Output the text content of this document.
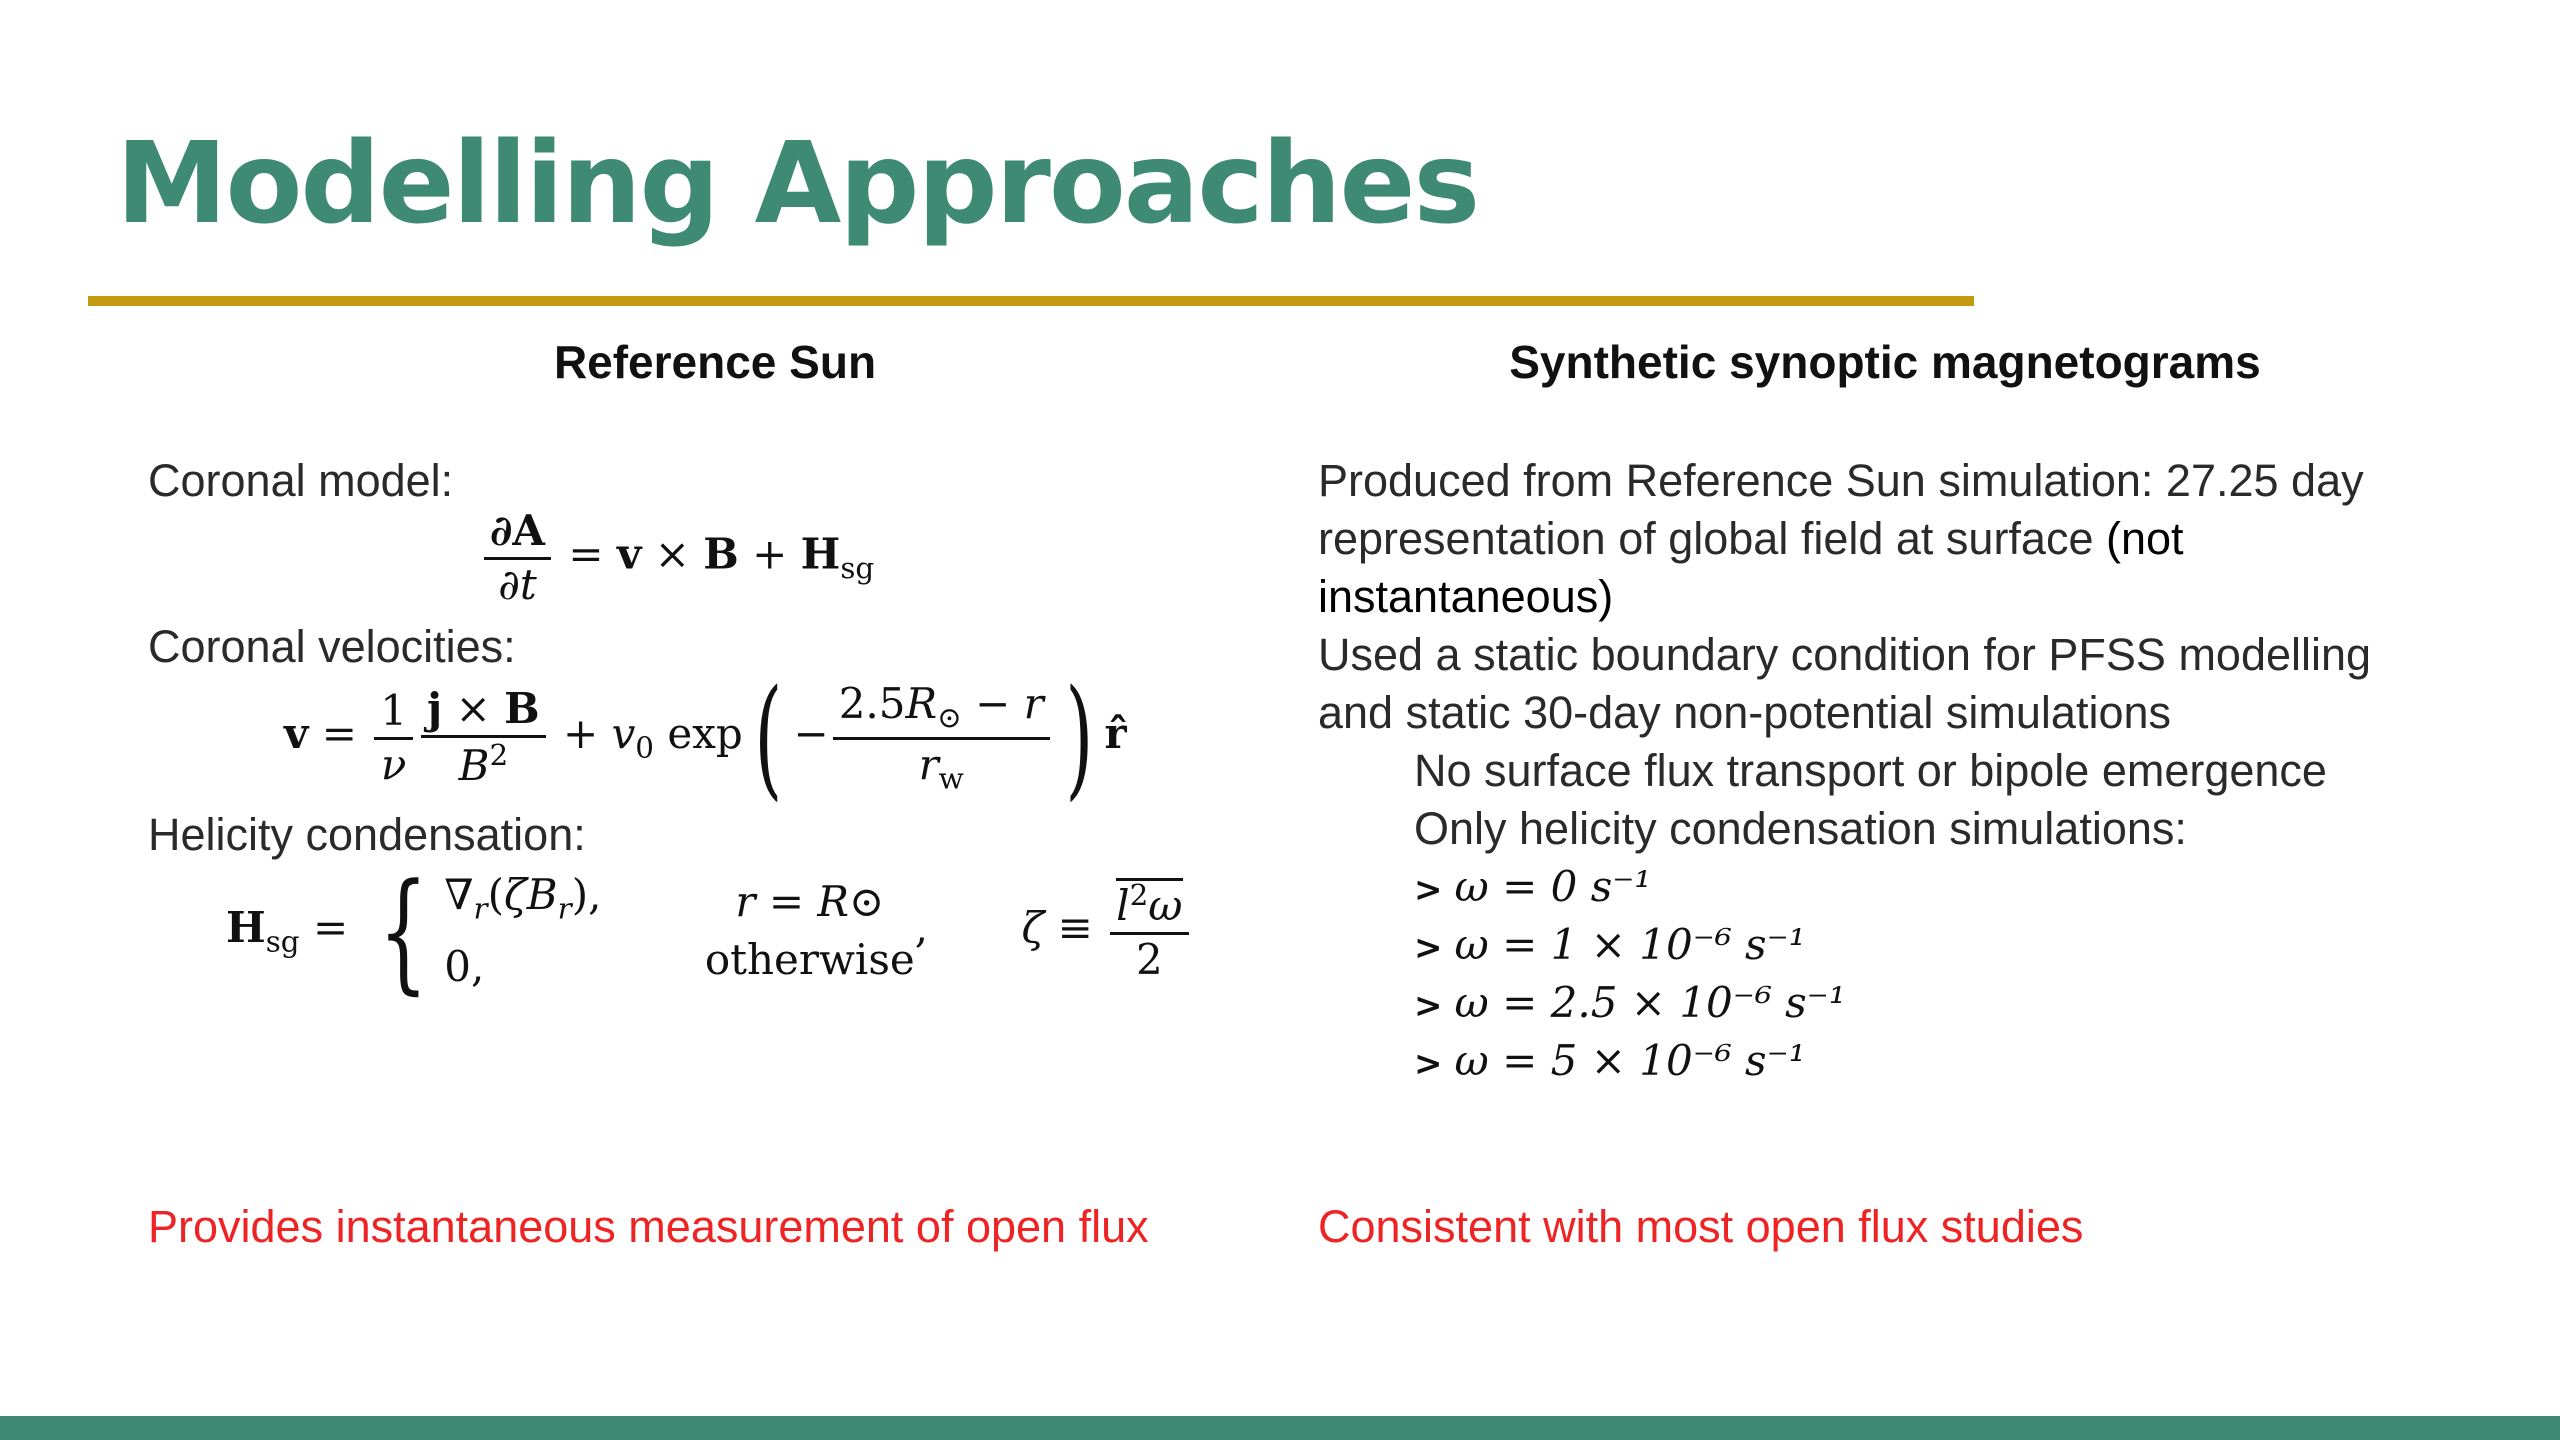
Modelling Approaches
Reference Sun
Coronal model:
$\frac{\partial A}{\partial t} = v \times B + H_{sg}$
Coronal velocities:
$v = \frac{1}{\nu} \frac{j \times B}{B^2} + v_0$ $\exp( - \frac{2.5R_⊙ - r}{r_w}$ ) r̂
Helicity condensation:
$H_{sg}$ = { $\nabla_r(\zeta B_r)$,
0, r = R⊙
otherwise, $\zeta \equiv \frac{l^2\omega}{2}$
Provides instantaneous measurement of open flux
Synthetic synoptic magnetograms
Produced from Reference Sun simulation: 27.25 day
representation of global field at surface (not
instantaneous)
Used a static boundary condition for PFSS modelling
and static 30-day non-potential simulations
No surface flux transport or bipole emergence
Only helicity condensation simulations:
> ω = 0 s⁻¹
> ω = 1 × 10⁻⁶ s⁻¹
> ω = 2.5 × 10⁻⁶ s⁻¹
> ω = 5 × 10⁻⁶ s⁻¹
Consistent with most open flux studies
